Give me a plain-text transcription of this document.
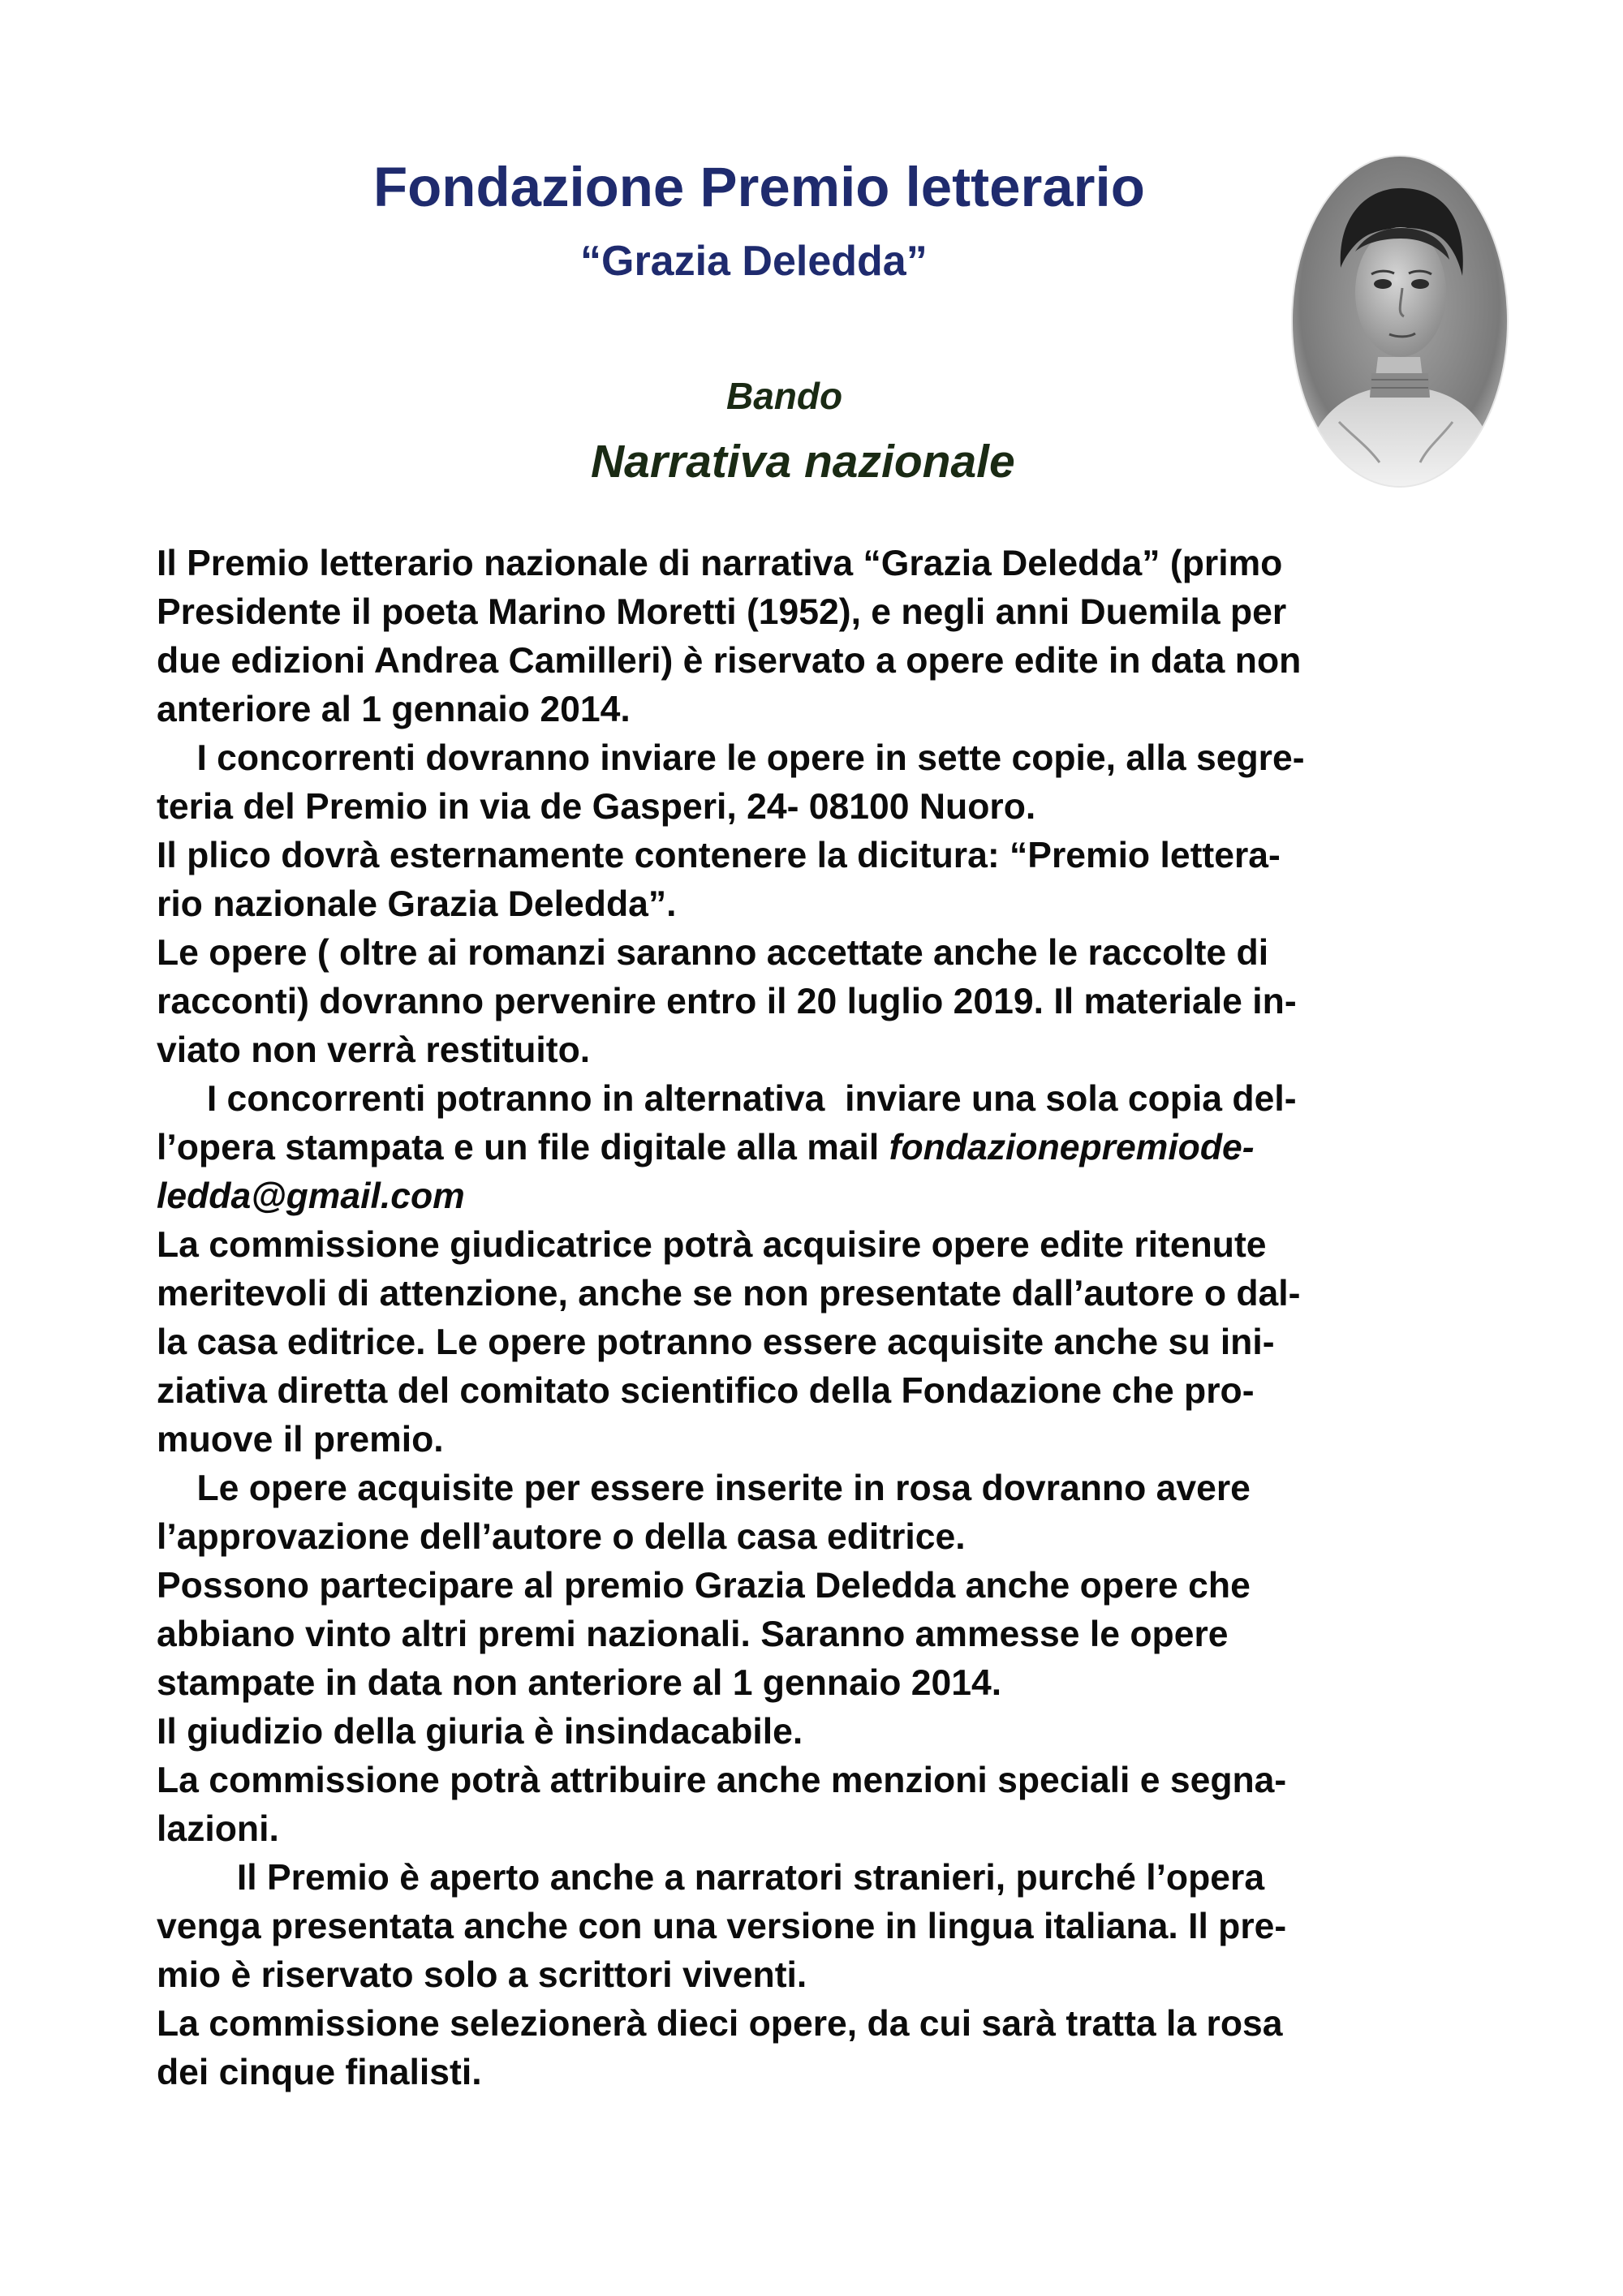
Fondazione Premio letterario
“Grazia Deledda”
Bando
Narrativa nazionale
Il Premio letterario nazionale di narrativa “Grazia Deledda” (primo
Presidente il poeta Marino Moretti (1952), e negli anni Duemila per
due edizioni Andrea Camilleri) è riservato a opere edite in data non
anteriore al 1 gennaio 2014.
I concorrenti dovranno inviare le opere in sette copie, alla segre-
teria del Premio in via de Gasperi, 24- 08100 Nuoro.
Il plico dovrà esternamente contenere la dicitura: “Premio lettera-
rio nazionale Grazia Deledda”.
Le opere ( oltre ai romanzi saranno accettate anche le raccolte di
racconti) dovranno pervenire entro il 20 luglio 2019. Il materiale in-
viato non verrà restituito.
I concorrenti potranno in alternativa  inviare una sola copia del-
l’opera stampata e un file digitale alla mail fondazionepremiode-
ledda@gmail.com
La commissione giudicatrice potrà acquisire opere edite ritenute
meritevoli di attenzione, anche se non presentate dall’autore o dal-
la casa editrice. Le opere potranno essere acquisite anche su ini-
ziativa diretta del comitato scientifico della Fondazione che pro-
muove il premio.
Le opere acquisite per essere inserite in rosa dovranno avere
l’approvazione dell’autore o della casa editrice.
Possono partecipare al premio Grazia Deledda anche opere che
abbiano vinto altri premi nazionali. Saranno ammesse le opere
stampate in data non anteriore al 1 gennaio 2014.
Il giudizio della giuria è insindacabile.
La commissione potrà attribuire anche menzioni speciali e segna-
lazioni.
Il Premio è aperto anche a narratori stranieri, purché l’opera
venga presentata anche con una versione in lingua italiana. Il pre-
mio è riservato solo a scrittori viventi.
La commissione selezionerà dieci opere, da cui sarà tratta la rosa
dei cinque finalisti.
